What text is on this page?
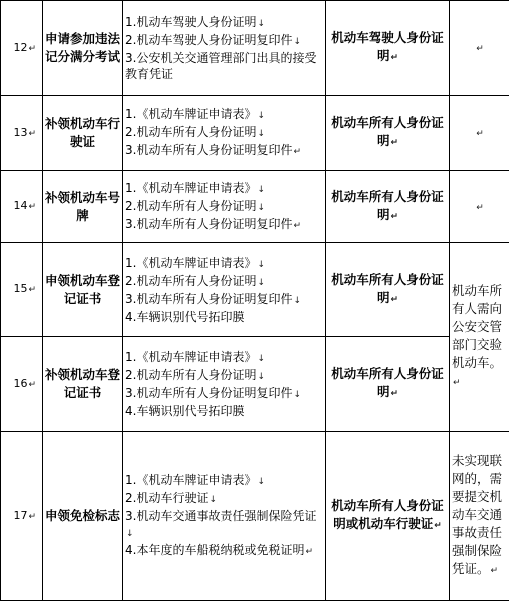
12↵	申请参加违法记分满分考试	1.机动车驾驶人身份证明↓
2.机动车驾驶人身份证明复印件↓
3.公安机关交通管理部门出具的接受教育凭证	机动车驾驶人身份证明↵	↵
13↵	补领机动车行驶证	1.《机动车牌证申请表》↓
2.机动车所有人身份证明↓
3.机动车所有人身份证明复印件↵	机动车所有人身份证明↵	↵
14↵	补领机动车号牌	1.《机动车牌证申请表》↓
2.机动车所有人身份证明↓
3.机动车所有人身份证明复印件↵	机动车所有人身份证明↵	↵
15↵	申领机动车登记证书	1.《机动车牌证申请表》↓
2.机动车所有人身份证明↓
3.机动车所有人身份证明复印件↓
4.车辆识别代号拓印膜	机动车所有人身份证明↵	机动车所有人需向公安交管部门交验机动车。↵
16↵	补领机动车登记证书	1.《机动车牌证申请表》↓
2.机动车所有人身份证明↓
3.机动车所有人身份证明复印件↓
4.车辆识别代号拓印膜	机动车所有人身份证明↵	
17↵	申领免检标志	1.《机动车牌证申请表》↓
2.机动车行驶证↓
3.机动车交通事故责任强制保险凭证↓
4.本年度的车船税纳税或免税证明↵	机动车所有人身份证明或机动车行驶证↵	未实现联网的，需要提交机动车交通事故责任强制保险凭证。↵
